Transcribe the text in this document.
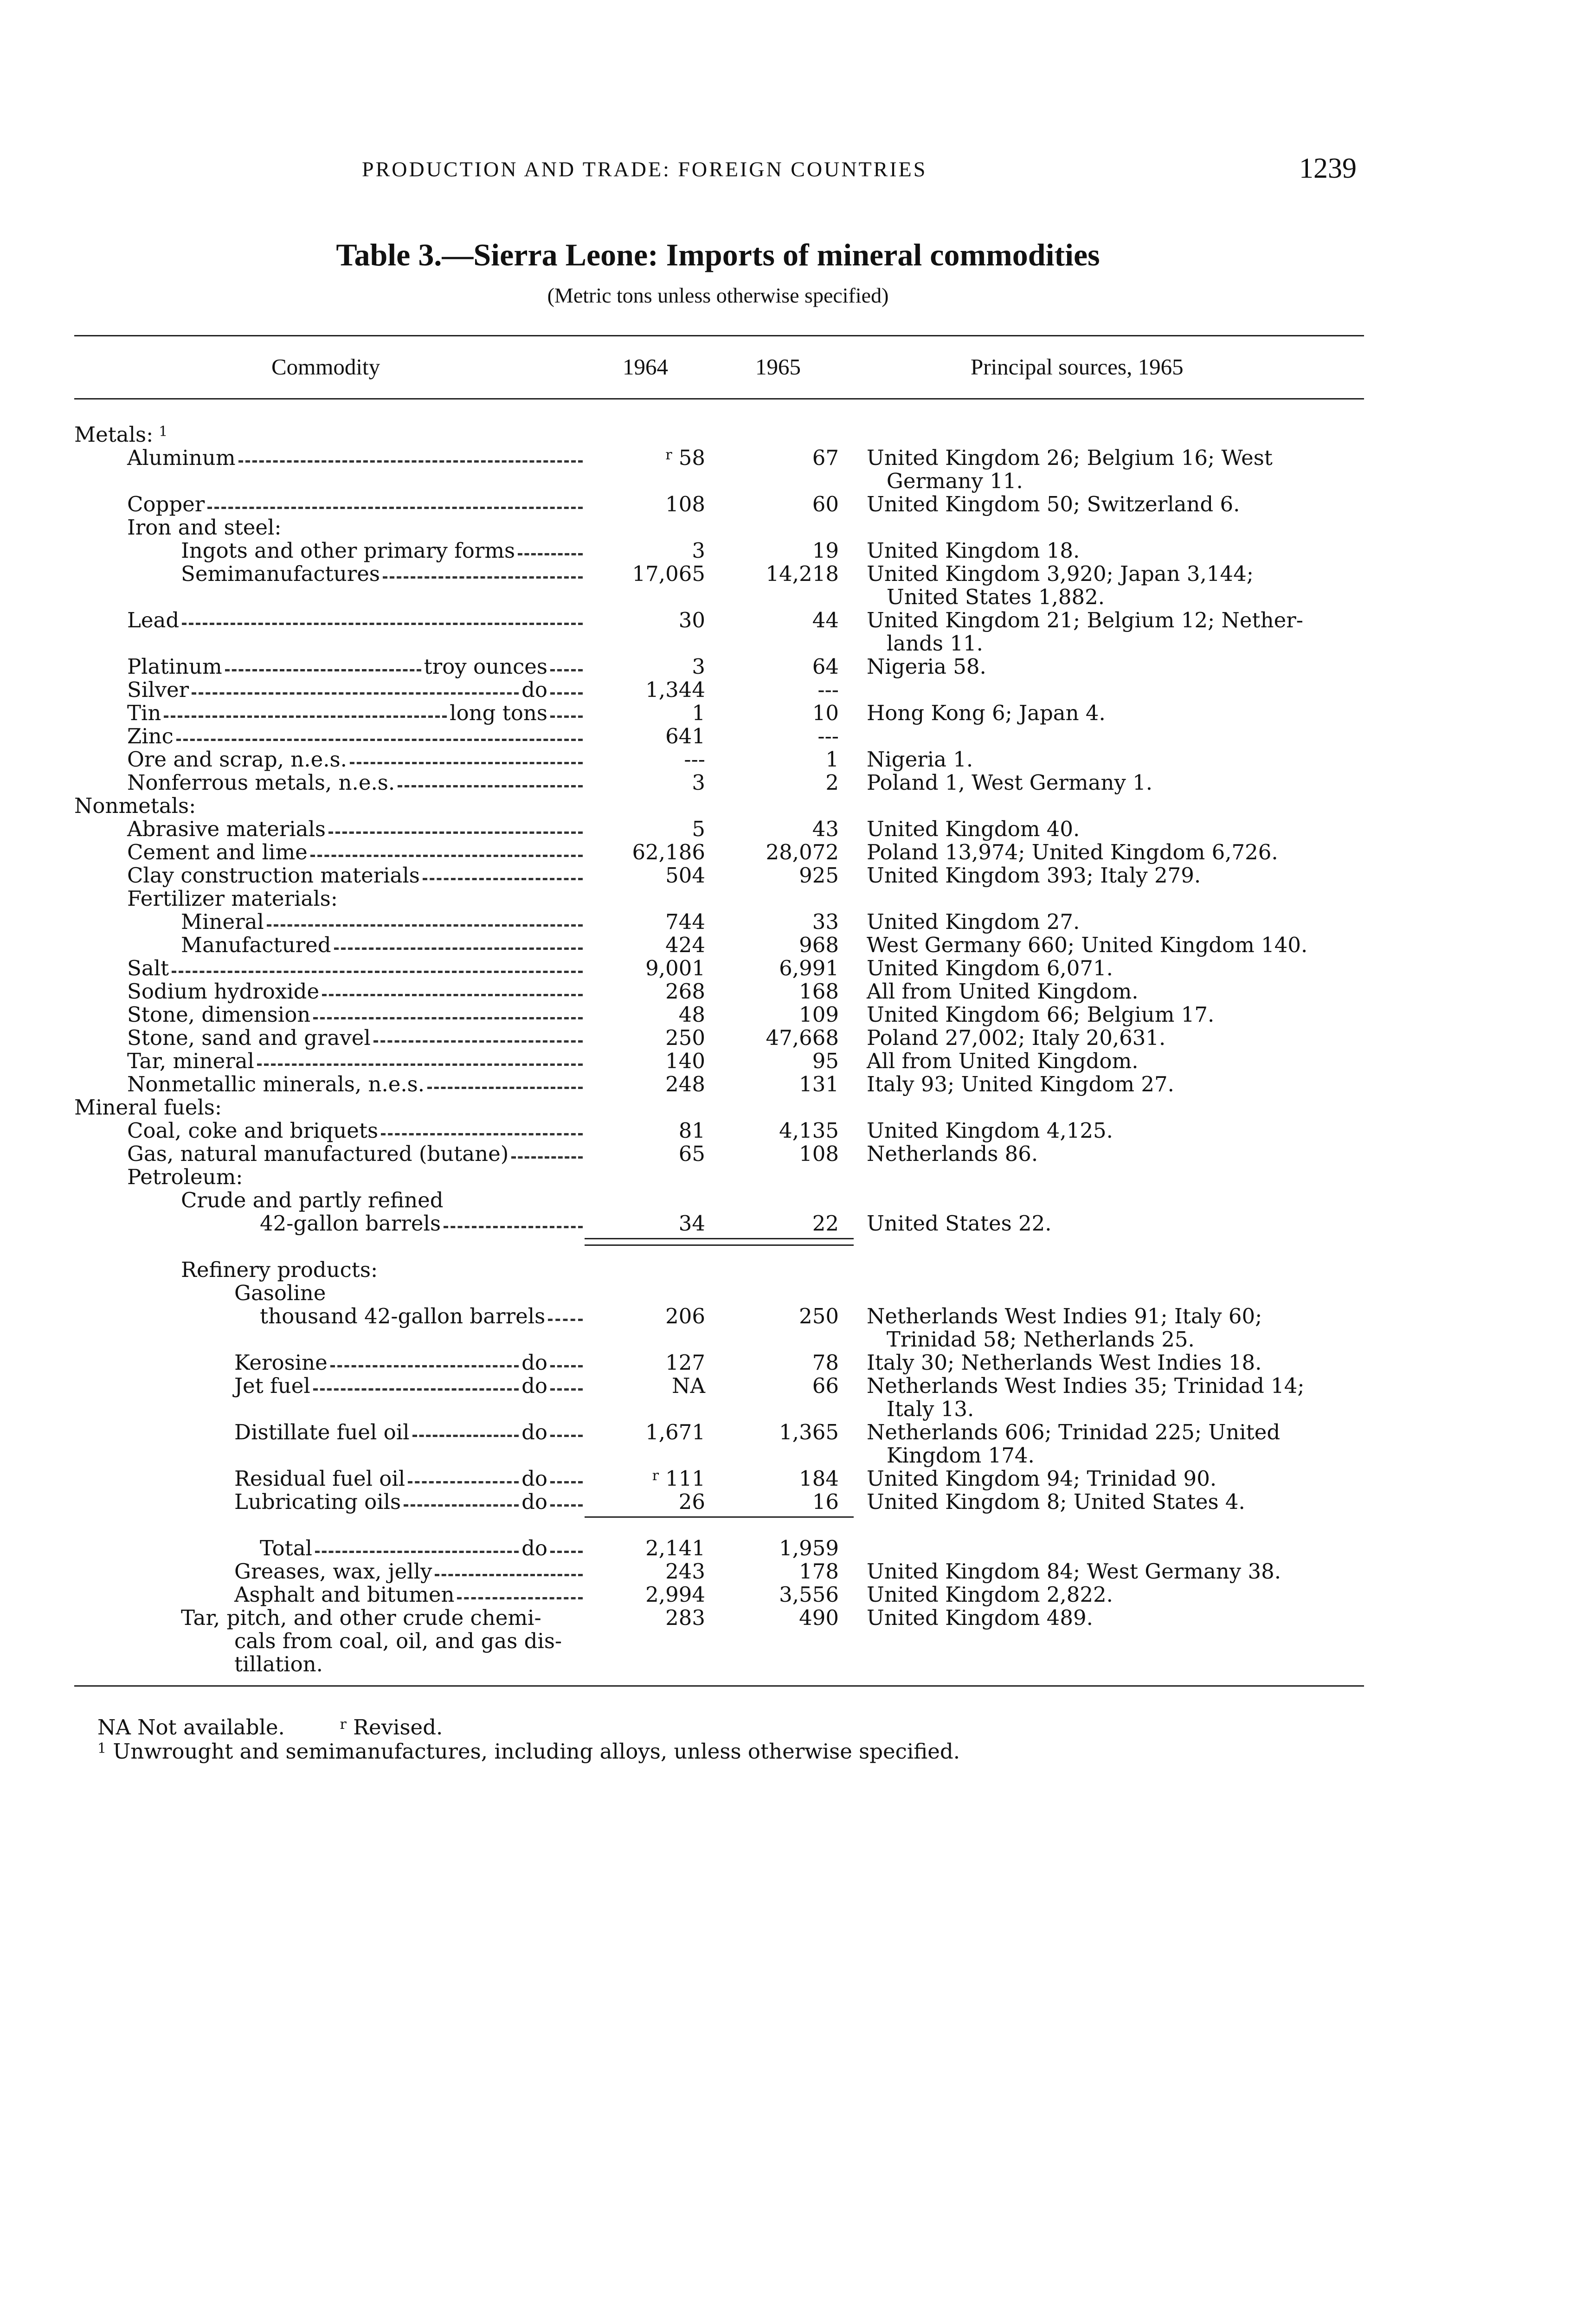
PRODUCTION AND TRADE: FOREIGN COUNTRIES	1239
Table 3.—Sierra Leone: Imports of mineral commodities
(Metric tons unless otherwise specified)
Commodity	1964	1965	Principal sources, 1965
Metals: 1
Aluminum	$^r$ 58	67 United Kingdom 26; Belgium 16; West
Germany 11.
Copper	108	60 United Kingdom 50; Switzerland 6.
Iron and steel:
Ingots and other primary forms	3	19 United Kingdom 18.
Semimanufactures	17,065	14,218 United Kingdom 3,920; Japan 3,144;
United States 1,882.
Lead	30	44 United Kingdom 21; Belgium 12; Nether-
lands 11.
Platinum	troy ounces	3	64 Nigeria 58.
Silver	do	1,344	---
Tin	long tons	1	10 Hong Kong 6; Japan 4.
Zinc	641	---
Ore and scrap, n.e.s.	---	1 Nigeria 1.
Nonferrous metals, n.e.s.	3	2 Poland 1, West Germany 1.
Nonmetals:
Abrasive materials	5	43 United Kingdom 40.
Cement and lime	62,186	28,072 Poland 13,974; United Kingdom 6,726.
Clay construction materials	504	925 United Kingdom 393; Italy 279.
Fertilizer materials:
Mineral	744	33 United Kingdom 27.
Manufactured	424	968 West Germany 660; United Kingdom 140.
Salt	9,001	6,991 United Kingdom 6,071.
Sodium hydroxide	268	168 All from United Kingdom.
Stone, dimension	48	109 United Kingdom 66; Belgium 17.
Stone, sand and gravel	250	47,668 Poland 27,002; Italy 20,631.
Tar, mineral	140	95 All from United Kingdom.
Nonmetallic minerals, n.e.s.	248	131 Italy 93; United Kingdom 27.
Mineral fuels:
Coal, coke and briquets	81	4,135 United Kingdom 4,125.
Gas, natural manufactured (butane)	65	108 Netherlands 86.
Petroleum:
Crude and partly refined
42-gallon barrels	34	22 United States 22.
Refinery products:
Gasoline
thousand 42-gallon barrels	206	250 Netherlands West Indies 91; Italy 60;
Trinidad 58; Netherlands 25.
Kerosine	do	127	78 Italy 30; Netherlands West Indies 18.
Jet fuel	do	NA	66 Netherlands West Indies 35; Trinidad 14;
Italy 13.
Distillate fuel oil	do	1,671	1,365 Netherlands 606; Trinidad 225; United
Kingdom 174.
Residual fuel oil	do	$^r$ 111	184 United Kingdom 94; Trinidad 90.
Lubricating oils	do	26	16 United Kingdom 8; United States 4.
Total	do	2,141	1,959
Greases, wax, jelly	243	178 United Kingdom 84; West Germany 38.
Asphalt and bitumen	2,994	3,556 United Kingdom 2,822.
Tar, pitch, and other crude chemi-	283	490 United Kingdom 489.
cals from coal, oil, and gas dis-
tillation.
NA Not available.	$^r$ Revised.
$^1$ Unwrought and semimanufactures, including alloys, unless otherwise specified.
